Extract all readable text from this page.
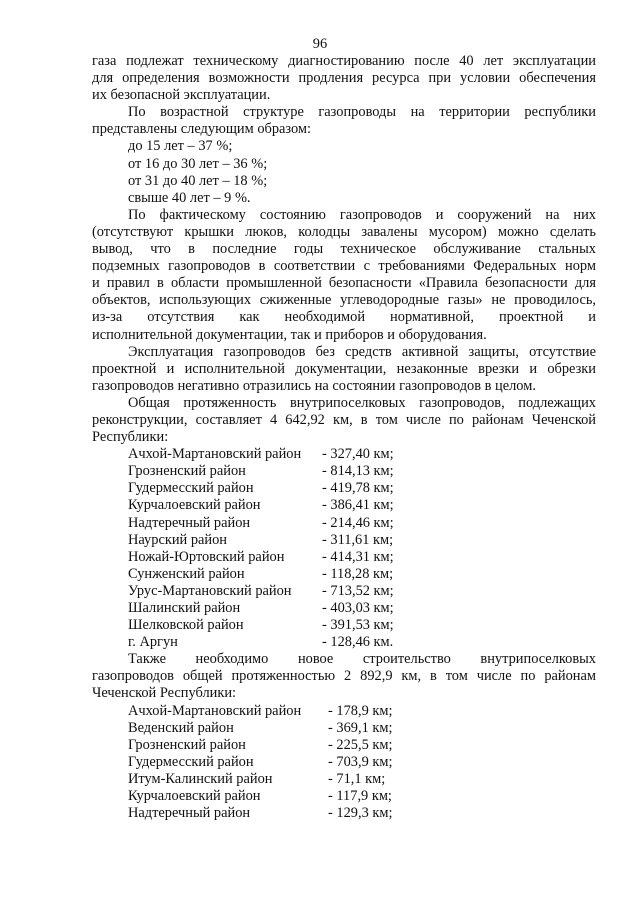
96

газа подлежат техническому диагностированию после 40 лет эксплуатации

для определения возможности продления ресурса при условии обеспечения

их безопасной эксплуатации.

По возрастной структуре газопроводы на территории республики

представлены следующим образом:

до 15 лет – 37 %;

от 16 до 30 лет – 36 %;

от 31 до 40 лет – 18 %;

свыше 40 лет – 9 %.

По фактическому состоянию газопроводов и сооружений на них

(отсутствуют крышки люков, колодцы завалены мусором) можно сделать

вывод, что в последние годы техническое обслуживание стальных

подземных газопроводов в соответствии с требованиями Федеральных норм

и правил в области промышленной безопасности «Правила безопасности для

объектов, использующих сжиженные углеводородные газы» не проводилось,

из-за отсутствия как необходимой нормативной, проектной и

исполнительной документации, так и приборов и оборудования.

Эксплуатация газопроводов без средств активной защиты, отсутствие

проектной и исполнительной документации, незаконные врезки и обрезки

газопроводов негативно отразились на состоянии газопроводов в целом.

Общая протяженность внутрипоселковых газопроводов, подлежащих

реконструкции, составляет 4 642,92 км, в том числе по районам Чеченской

Республики:

Ачхой-Мартановский район - 327,40 км;
Грозненский район	- 814,13 км;
Гудермесский район	- 419,78 км;
Курчалоевский район	- 386,41 км;
Надтеречный район	- 214,46 км;
Наурский район	- 311,61 км;
Ножай-Юртовский район	- 414,31 км;
Сунженский район	- 118,28 км;
Урус-Мартановский район - 713,52 км;
Шалинский район	- 403,03 км;
Шелковской район	- 391,53 км;
г. Аргун	- 128,46 км.

Также необходимо новое строительство внутрипоселковых

газопроводов общей протяженностью 2 892,9 км, в том числе по районам

Чеченской Республики:

Ачхой-Мартановский район - 178,9 км;
Веденский район	- 369,1 км;
Грозненский район	- 225,5 км;
Гудермесский район	- 703,9 км;
Итум-Калинский район	- 71,1 км;
Курчалоевский район	- 117,9 км;
Надтеречный район	- 129,3 км;
